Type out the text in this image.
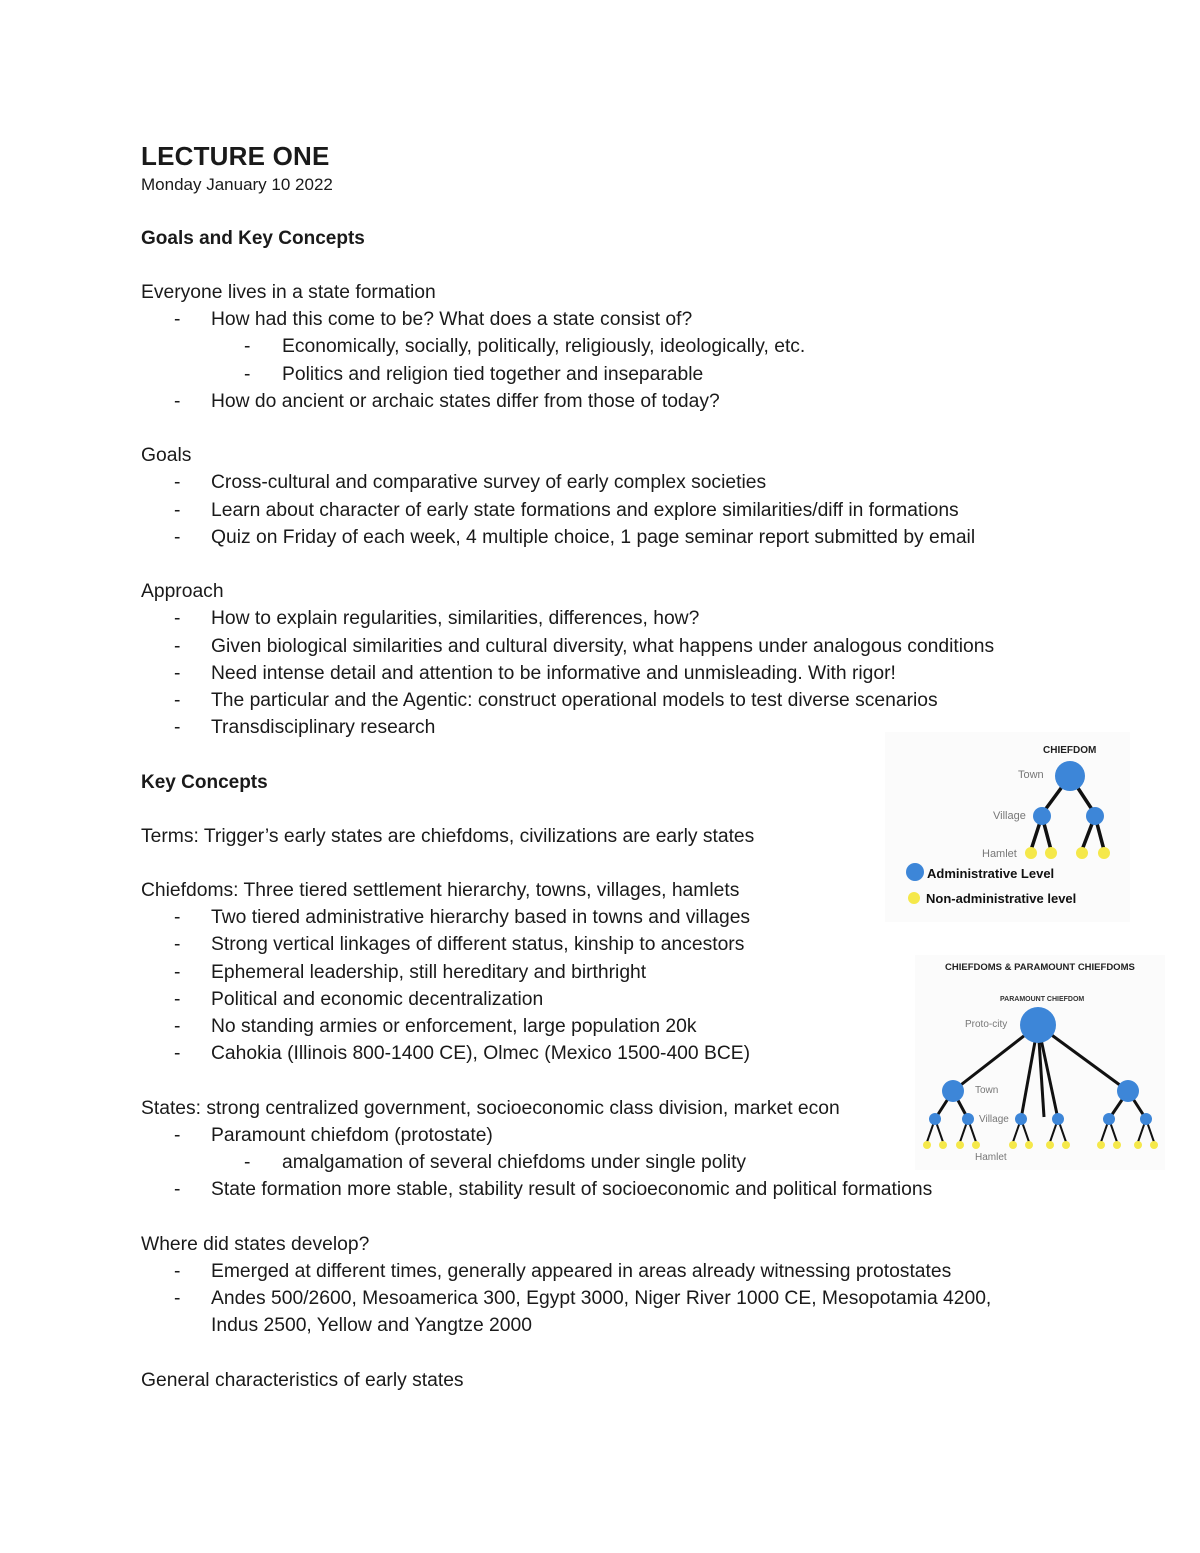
LECTURE ONE

Monday January 10 2022

Goals and Key Concepts

Everyone lives in a state formation

- How had this come to be? What does a state consist of?
- Economically, socially, politically, religiously, ideologically, etc.
- Politics and religion tied together and inseparable
- How do ancient or archaic states differ from those of today?

Goals

- Cross-cultural and comparative survey of early complex societies
- Learn about character of early state formations and explore similarities/diff in formations
- Quiz on Friday of each week, 4 multiple choice, 1 page seminar report submitted by email

Approach

- How to explain regularities, similarities, differences, how?
- Given biological similarities and cultural diversity, what happens under analogous conditions
- Need intense detail and attention to be informative and unmisleading. With rigor!
- The particular and the Agentic: construct operational models to test diverse scenarios
- Transdisciplinary research

Key Concepts

Terms: Trigger’s early states are chiefdoms, civilizations are early states

Chiefdoms: Three tiered settlement hierarchy, towns, villages, hamlets

- Two tiered administrative hierarchy based in towns and villages
- Strong vertical linkages of different status, kinship to ancestors
- Ephemeral leadership, still hereditary and birthright
- Political and economic decentralization
- No standing armies or enforcement, large population 20k
- Cahokia (Illinois 800-1400 CE), Olmec (Mexico 1500-400 BCE)

States: strong centralized government, socioeconomic class division, market econ

- Paramount chiefdom (protostate)
- amalgamation of several chiefdoms under single polity
- State formation more stable, stability result of socioeconomic and political formations

Where did states develop?

- Emerged at different times, generally appeared in areas already witnessing protostates
- Andes 500/2600, Mesoamerica 300, Egypt 3000, Niger River 1000 CE, Mesopotamia 4200,
Indus 2500, Yellow and Yangtze 2000

General characteristics of early states

CHIEFDOM
Town
Village
Hamlet
Administrative Level
Non-administrative level
CHIEFDOMS & PARAMOUNT CHIEFDOMS
PARAMOUNT CHIEFDOM
Proto-city
Town
Village
Hamlet
